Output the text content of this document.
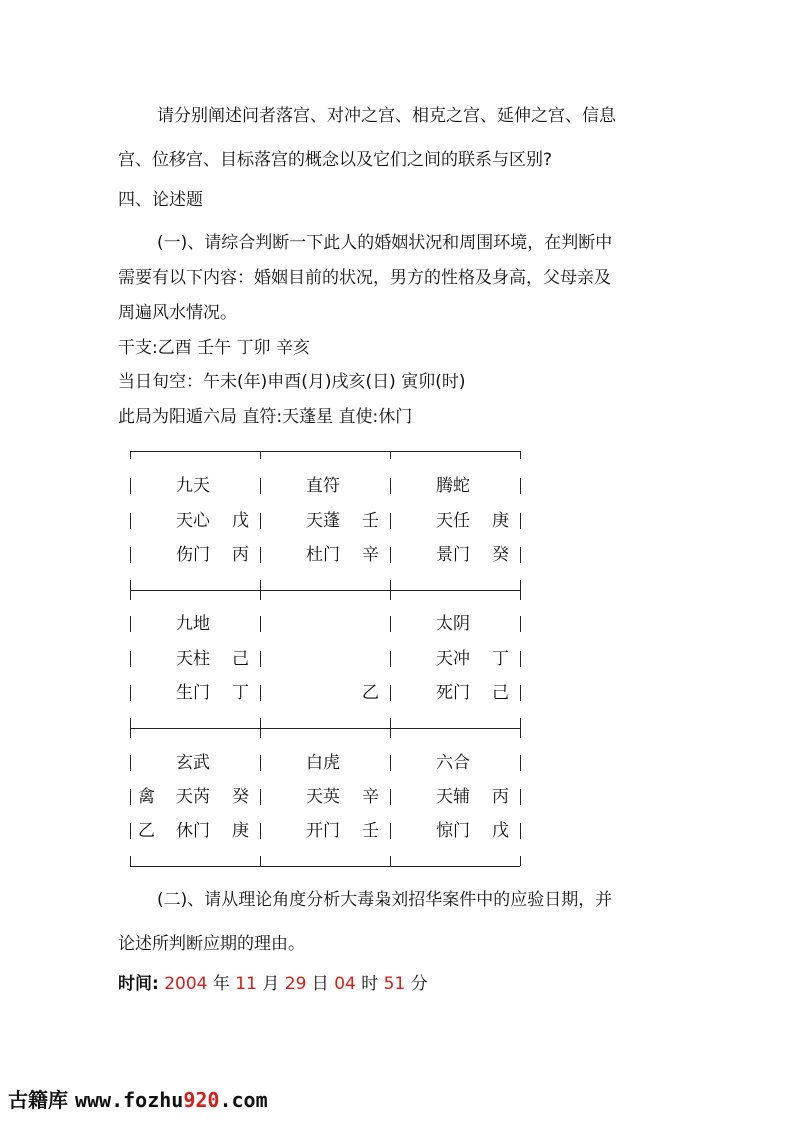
请分别阐述问者落宫、对冲之宫、相克之宫、延伸之宫、信息
宫、位移宫、目标落宫的概念以及它们之间的联系与区别?
四、论述题
(一)、请综合判断一下此人的婚姻状况和周围环境，在判断中
需要有以下内容：婚姻目前的状况，男方的性格及身高，父母亲及
周遍风水情况。
干支:乙酉 壬午 丁卯 辛亥
当日旬空：午未(年)申酉(月)戌亥(日) 寅卯(时)
此局为阳遁六局 直符:天蓬星 直使:休门
九天
天心 戊
伤门 丙
直符
天蓬 壬
杜门 辛
腾蛇
天任 庚
景门 癸
九地
天柱 己
生门 丁	乙
太阴
天冲 丁
死门 己
玄武
禽 天芮 癸
乙 休门 庚
白虎
天英 辛
开门 壬
六合
天辅 丙
惊门 戊
(二)、请从理论角度分析大毒枭刘招华案件中的应验日期，并
论述所判断应期的理由。
时间: 2004 年 11 月 29 日 04 时 51 分
古籍库 www.fozhu920.com
